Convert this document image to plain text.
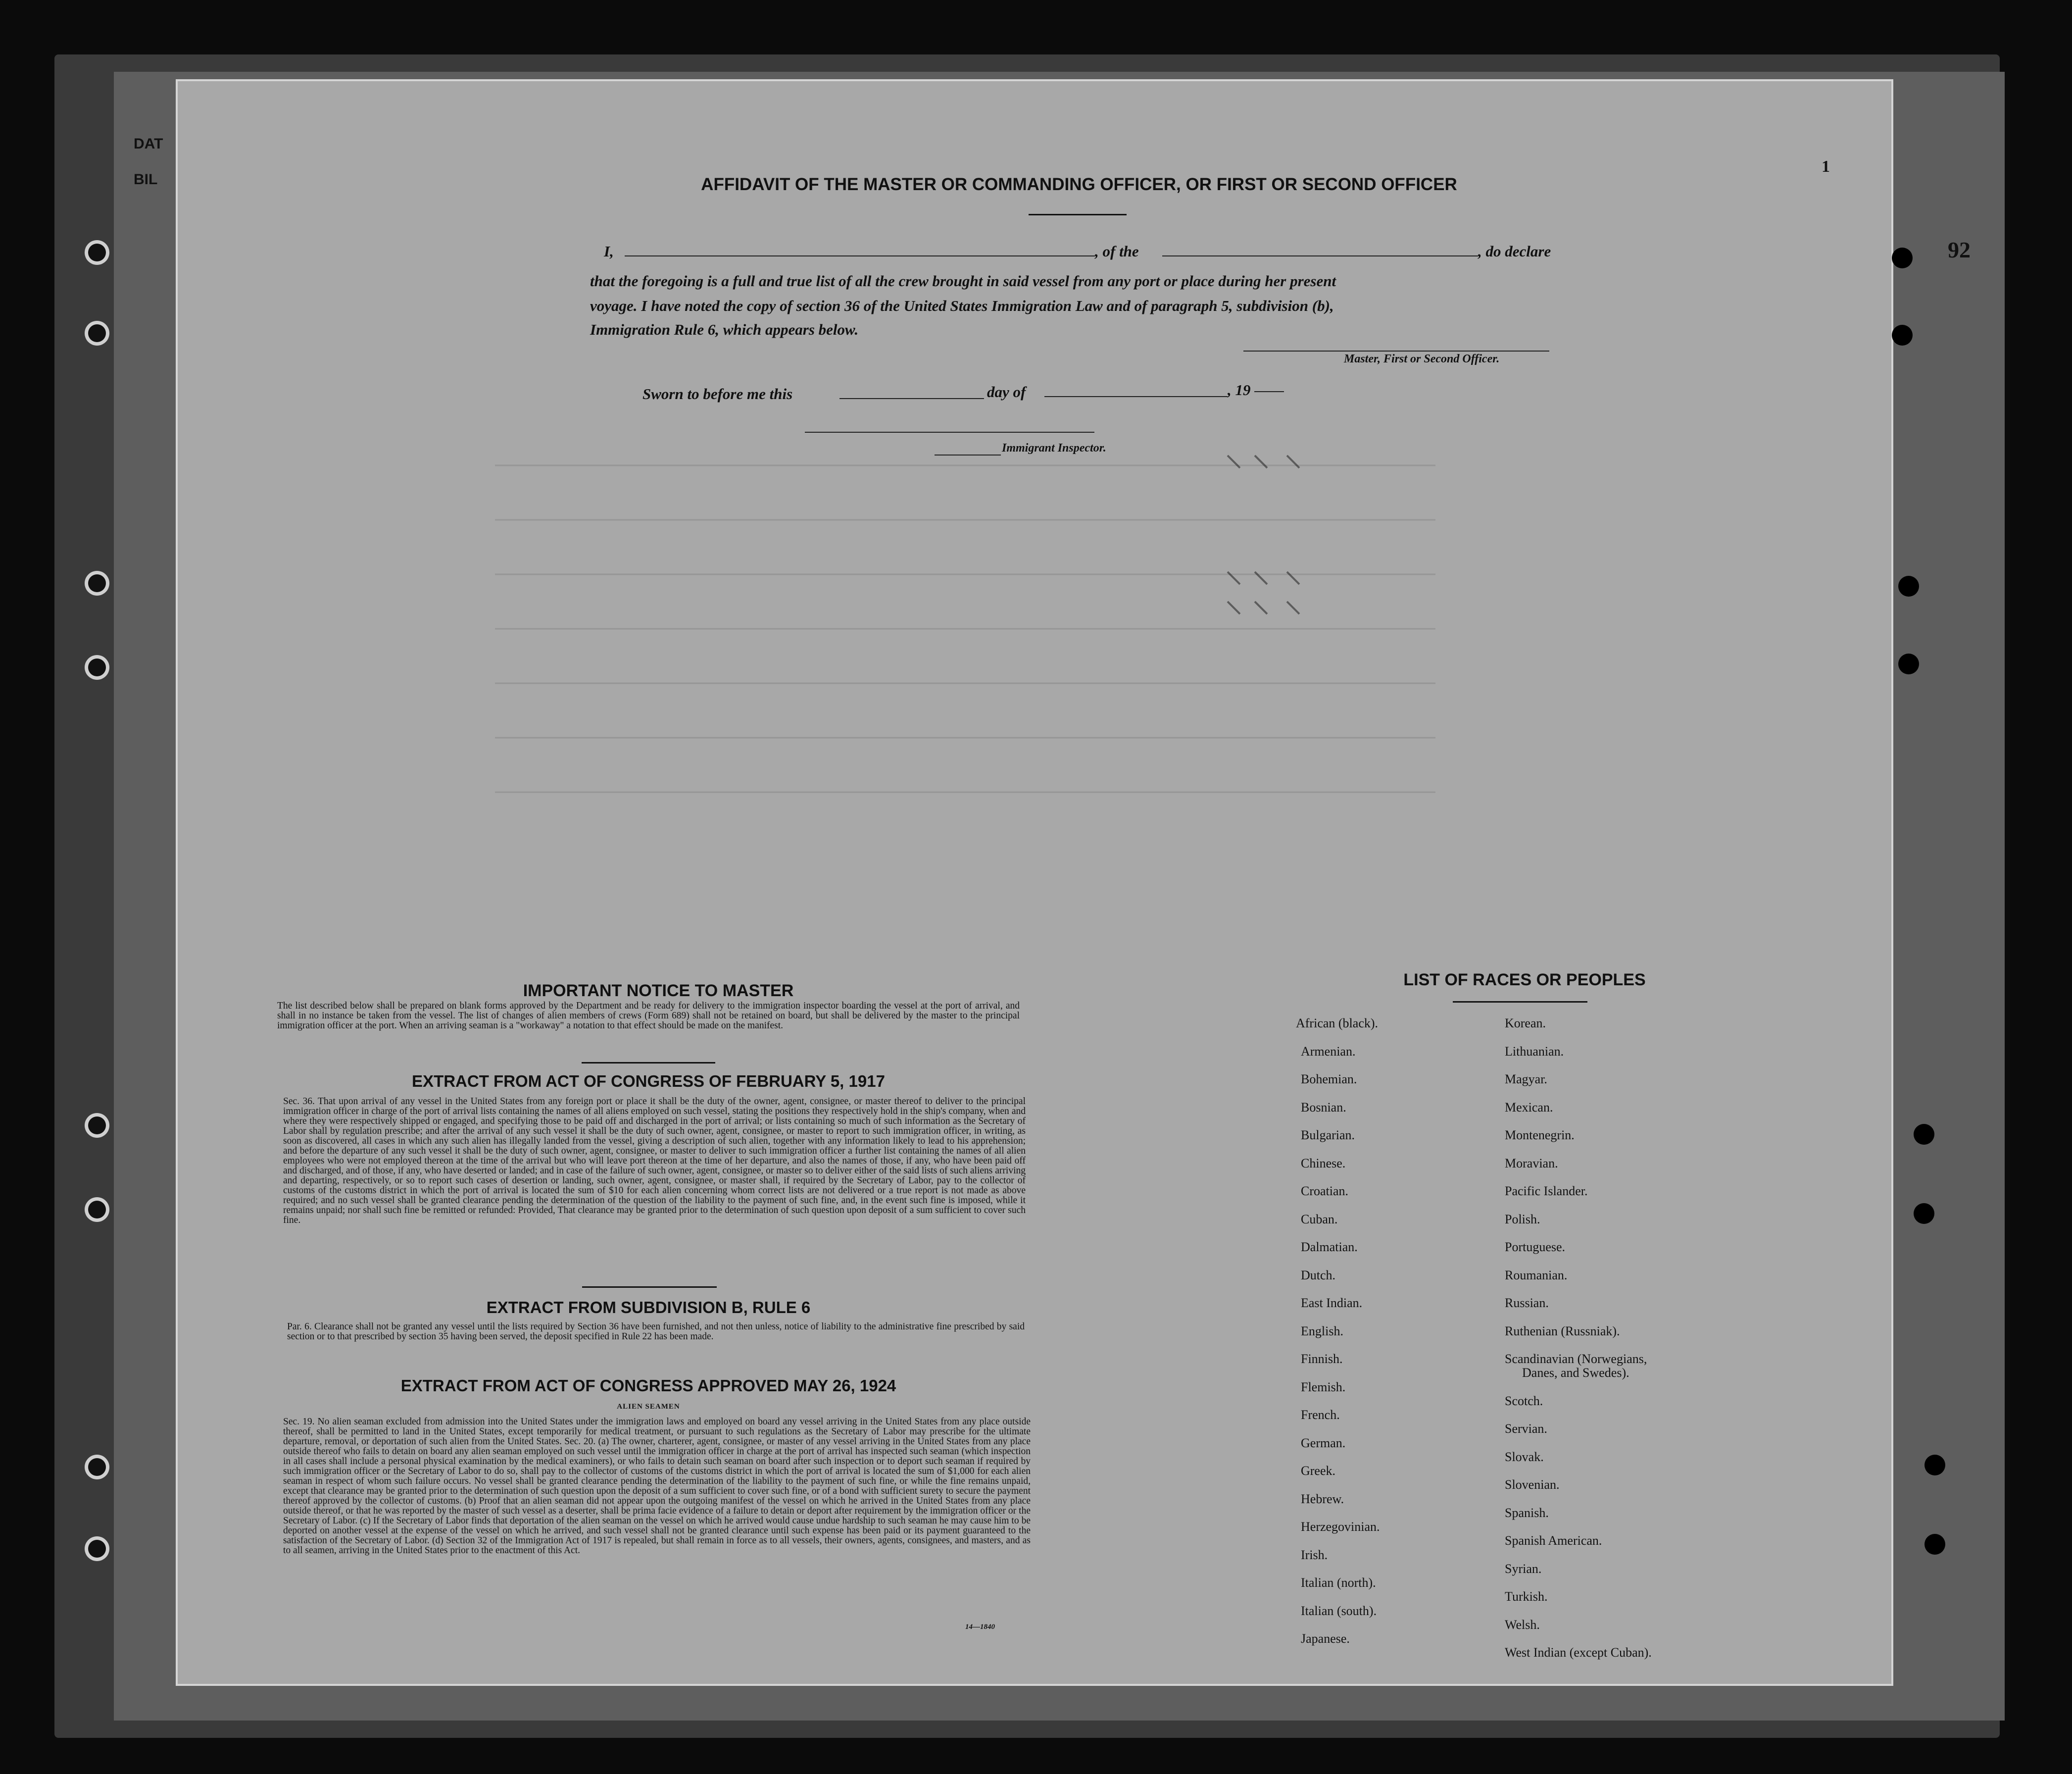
DAT
BIL
92
1
AFFIDAVIT OF THE MASTER OR COMMANDING OFFICER, OR FIRST OR SECOND OFFICER
I,	, of the	, do declare
that the foregoing is a full and true list of all the crew brought in said vessel from any port or place during her present
voyage. I have noted the copy of section 36 of the United States Immigration Law and of paragraph 5, subdivision (b),
Immigration Rule 6, which appears below.
Master, First or Second Officer.
Sworn to before me this	day of	, 19
Immigrant Inspector.
IMPORTANT NOTICE TO MASTER
The list described below shall be prepared on blank forms approved by the Department and be ready for delivery to the immigration inspector boarding the vessel at the port of arrival, and shall in no instance be taken from the vessel. The list of changes of alien members of crews (Form 689) shall not be retained on board, but shall be delivered by the master to the principal immigration officer at the port. When an arriving seaman is a "workaway" a notation to that effect should be made on the manifest.
EXTRACT FROM ACT OF CONGRESS OF FEBRUARY 5, 1917
Sec. 36. That upon arrival of any vessel in the United States from any foreign port or place it shall be the duty of the owner, agent, consignee, or master thereof to deliver to the principal immigration officer in charge of the port of arrival lists containing the names of all aliens employed on such vessel, stating the positions they respectively hold in the ship's company, when and where they were respectively shipped or engaged, and specifying those to be paid off and discharged in the port of arrival; or lists containing so much of such information as the Secretary of Labor shall by regulation prescribe; and after the arrival of any such vessel it shall be the duty of such owner, agent, consignee, or master to report to such immigration officer, in writing, as soon as discovered, all cases in which any such alien has illegally landed from the vessel, giving a description of such alien, together with any information likely to lead to his apprehension; and before the departure of any such vessel it shall be the duty of such owner, agent, consignee, or master to deliver to such immigration officer a further list containing the names of all alien employees who were not employed thereon at the time of the arrival but who will leave port thereon at the time of her departure, and also the names of those, if any, who have been paid off and discharged, and of those, if any, who have deserted or landed; and in case of the failure of such owner, agent, consignee, or master so to deliver either of the said lists of such aliens arriving and departing, respectively, or so to report such cases of desertion or landing, such owner, agent, consignee, or master shall, if required by the Secretary of Labor, pay to the collector of customs of the customs district in which the port of arrival is located the sum of $10 for each alien concerning whom correct lists are not delivered or a true report is not made as above required; and no such vessel shall be granted clearance pending the determination of the question of the liability to the payment of such fine, and, in the event such fine is imposed, while it remains unpaid; nor shall such fine be remitted or refunded: Provided, That clearance may be granted prior to the determination of such question upon deposit of a sum sufficient to cover such fine.
EXTRACT FROM SUBDIVISION B, RULE 6
Par. 6. Clearance shall not be granted any vessel until the lists required by Section 36 have been furnished, and not then unless, notice of liability to the administrative fine prescribed by said section or to that prescribed by section 35 having been served, the deposit specified in Rule 22 has been made.
EXTRACT FROM ACT OF CONGRESS APPROVED MAY 26, 1924
ALIEN SEAMEN
Sec. 19. No alien seaman excluded from admission into the United States under the immigration laws and employed on board any vessel arriving in the United States from any place outside thereof, shall be permitted to land in the United States, except temporarily for medical treatment, or pursuant to such regulations as the Secretary of Labor may prescribe for the ultimate departure, removal, or deportation of such alien from the United States. Sec. 20. (a) The owner, charterer, agent, consignee, or master of any vessel arriving in the United States from any place outside thereof who fails to detain on board any alien seaman employed on such vessel until the immigration officer in charge at the port of arrival has inspected such seaman (which inspection in all cases shall include a personal physical examination by the medical examiners), or who fails to detain such seaman on board after such inspection or to deport such seaman if required by such immigration officer or the Secretary of Labor to do so, shall pay to the collector of customs of the customs district in which the port of arrival is located the sum of $1,000 for each alien seaman in respect of whom such failure occurs. No vessel shall be granted clearance pending the determination of the liability to the payment of such fine, or while the fine remains unpaid, except that clearance may be granted prior to the determination of such question upon the deposit of a sum sufficient to cover such fine, or of a bond with sufficient surety to secure the payment thereof approved by the collector of customs. (b) Proof that an alien seaman did not appear upon the outgoing manifest of the vessel on which he arrived in the United States from any place outside thereof, or that he was reported by the master of such vessel as a deserter, shall be prima facie evidence of a failure to detain or deport after requirement by the immigration officer or the Secretary of Labor. (c) If the Secretary of Labor finds that deportation of the alien seaman on the vessel on which he arrived would cause undue hardship to such seaman he may cause him to be deported on another vessel at the expense of the vessel on which he arrived, and such vessel shall not be granted clearance until such expense has been paid or its payment guaranteed to the satisfaction of the Secretary of Labor. (d) Section 32 of the Immigration Act of 1917 is repealed, but shall remain in force as to all vessels, their owners, agents, consignees, and masters, and as to all seamen, arriving in the United States prior to the enactment of this Act.
14—1840
LIST OF RACES OR PEOPLES
African (black).
Armenian.
Bohemian.
Bosnian.
Bulgarian.
Chinese.
Croatian.
Cuban.
Dalmatian.
Dutch.
East Indian.
English.
Finnish.
Flemish.
French.
German.
Greek.
Hebrew.
Herzegovinian.
Irish.
Italian (north).
Italian (south).
Japanese.
Korean.
Lithuanian.
Magyar.
Mexican.
Montenegrin.
Moravian.
Pacific Islander.
Polish.
Portuguese.
Roumanian.
Russian.
Ruthenian (Russniak).
Scandinavian (Norwegians,
Danes, and Swedes).
Scotch.
Servian.
Slovak.
Slovenian.
Spanish.
Spanish American.
Syrian.
Turkish.
Welsh.
West Indian (except Cuban).
